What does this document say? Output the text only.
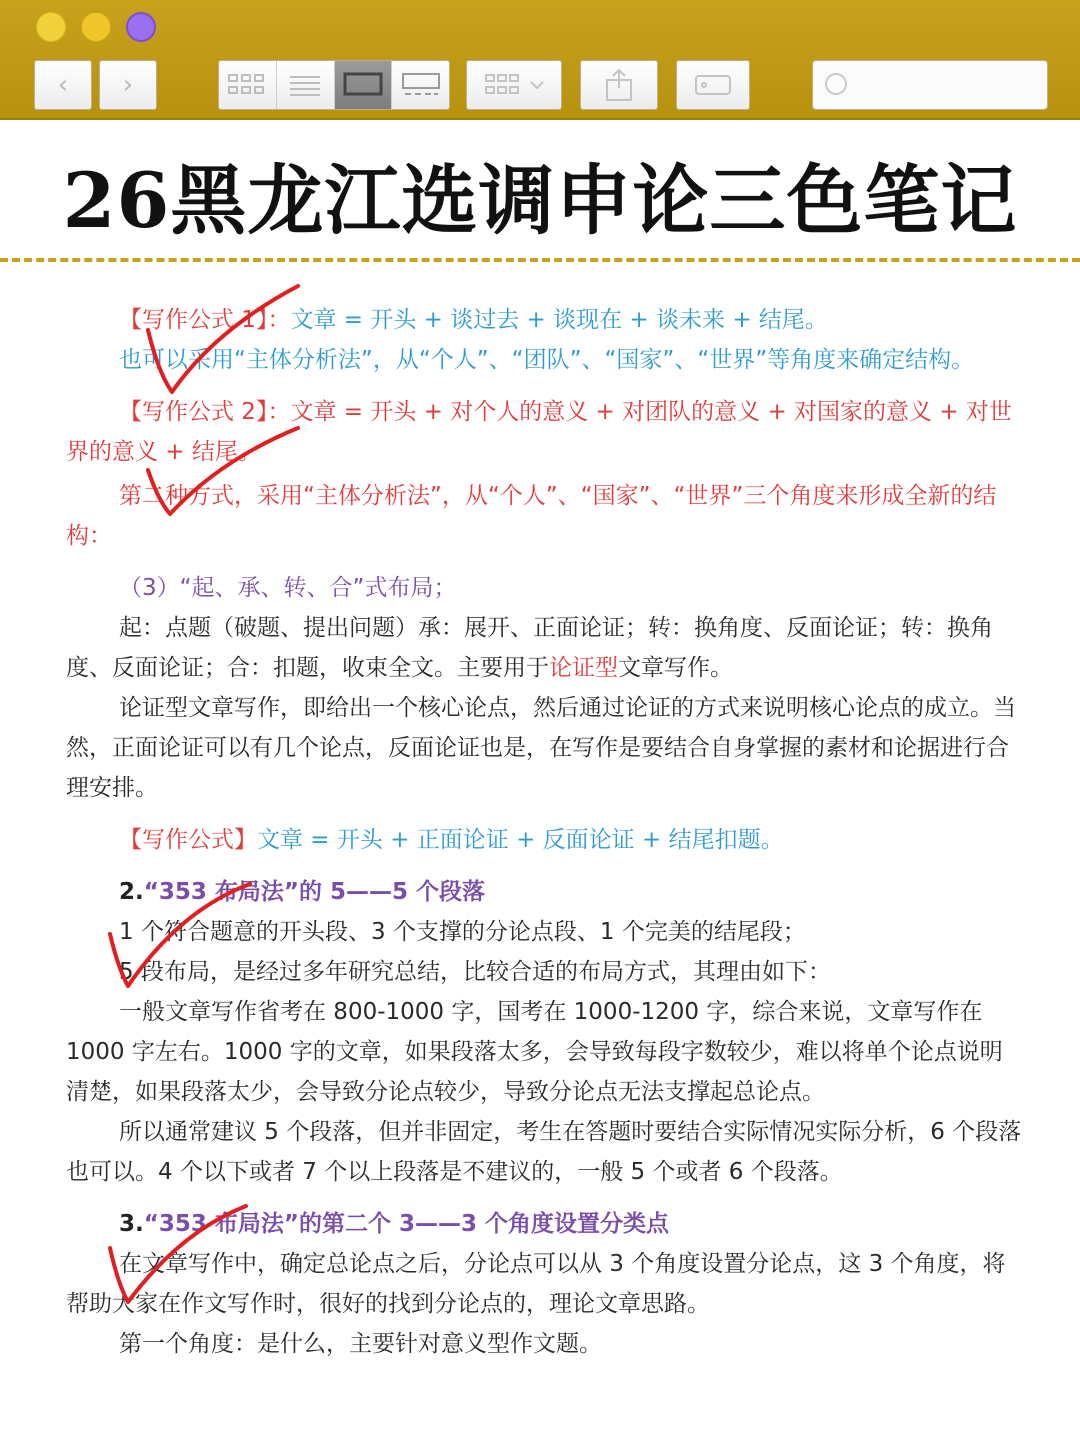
‹ ›
26黑龙江选调申论三色笔记

【写作公式 1】：文章 = 开头 + 谈过去 + 谈现在 + 谈未来 + 结尾。

也可以采用“主体分析法”，从“个人”、“团队”、“国家”、“世界”等角度来确定结构。

【写作公式 2】：文章 = 开头 + 对个人的意义 + 对团队的意义 + 对国家的意义 + 对世界的意义 + 结尾。

第二种方式，采用“主体分析法”，从“个人”、“国家”、“世界”三个角度来形成全新的结构：

（3）“起、承、转、合”式布局；

起：点题（破题、提出问题）承：展开、正面论证；转：换角度、反面论证；转：换角度、反面论证；合：扣题，收束全文。主要用于论证型文章写作。

论证型文章写作，即给出一个核心论点，然后通过论证的方式来说明核心论点的成立。当然，正面论证可以有几个论点，反面论证也是，在写作是要结合自身掌握的素材和论据进行合理安排。

【写作公式】文章 = 开头 + 正面论证 + 反面论证 + 结尾扣题。

2.“353 布局法”的 5——5 个段落

1 个符合题意的开头段、3 个支撑的分论点段、1 个完美的结尾段；

5 段布局，是经过多年研究总结，比较合适的布局方式，其理由如下：

一般文章写作省考在 800-1000 字，国考在 1000-1200 字，综合来说，文章写作在 1000 字左右。1000 字的文章，如果段落太多，会导致每段字数较少，难以将单个论点说明清楚，如果段落太少，会导致分论点较少，导致分论点无法支撑起总论点。

所以通常建议 5 个段落，但并非固定，考生在答题时要结合实际情况实际分析，6 个段落也可以。4 个以下或者 7 个以上段落是不建议的，一般 5 个或者 6 个段落。

3.“353 布局法”的第二个 3——3 个角度设置分类点

在文章写作中，确定总论点之后，分论点可以从 3 个角度设置分论点，这 3 个角度，将帮助大家在作文写作时，很好的找到分论点的，理论文章思路。

第一个角度：是什么，主要针对意义型作文题。
